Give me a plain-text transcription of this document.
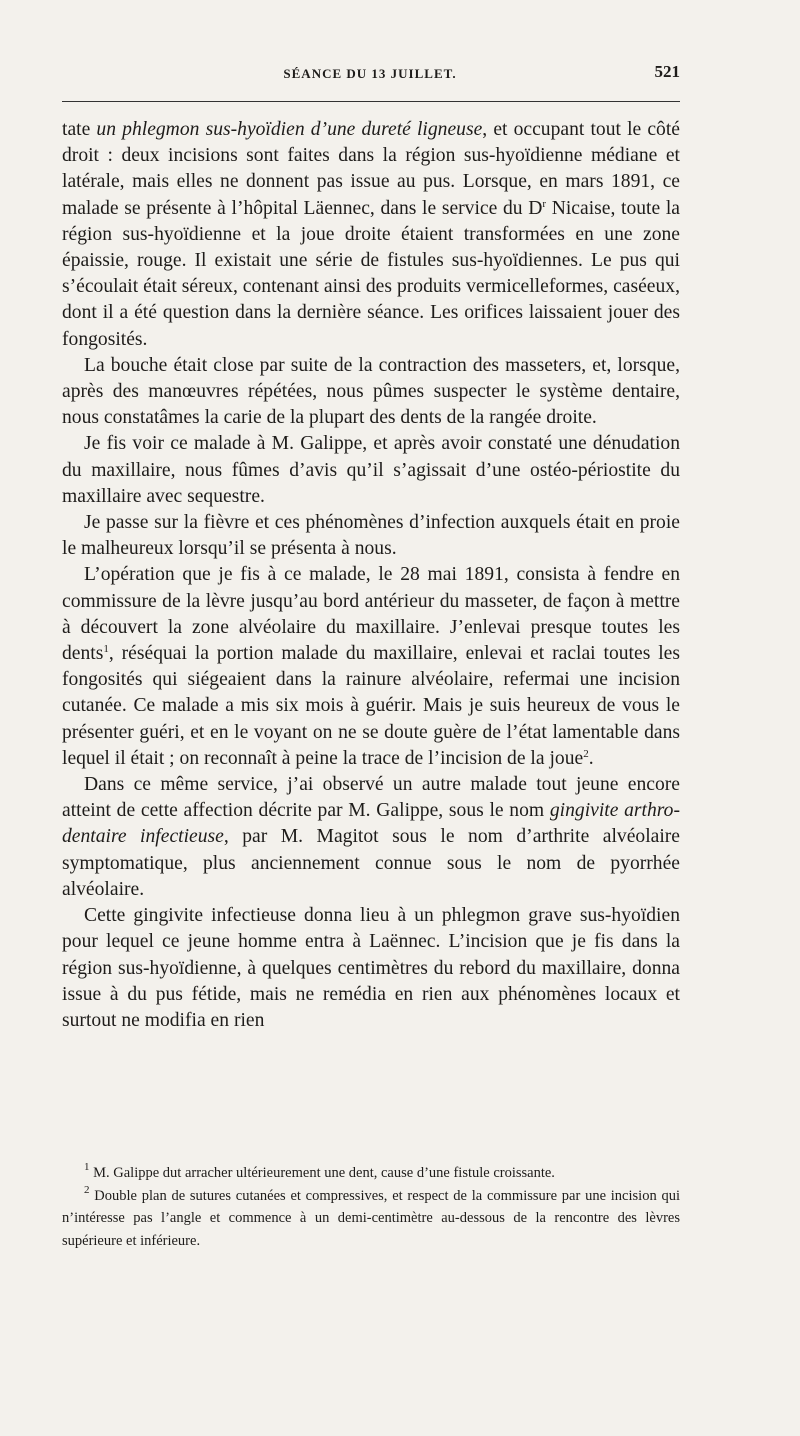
SÉANCE DU 13 JUILLET.	521

tate un phlegmon sus-hyoïdien d’une dureté ligneuse, et occupant tout le côté droit : deux incisions sont faites dans la région sus-hyoïdienne médiane et latérale, mais elles ne donnent pas issue au pus. Lorsque, en mars 1891, ce malade se présente à l’hôpital Läennec, dans le service du $D^r$ Nicaise, toute la région sus-hyoïdienne et la joue droite étaient transformées en une zone épaissie, rouge. Il existait une série de fistules sus-hyoïdiennes. Le pus qui s’écoulait était séreux, contenant ainsi des produits vermicelleformes, caséeux, dont il a été question dans la dernière séance. Les orifices laissaient jouer des fongosités.

La bouche était close par suite de la contraction des masseters, et, lorsque, après des manœuvres répétées, nous pûmes suspecter le système dentaire, nous constatâmes la carie de la plupart des dents de la rangée droite.

Je fis voir ce malade à M. Galippe, et après avoir constaté une dénudation du maxillaire, nous fûmes d’avis qu’il s’agissait d’une ostéo-périostite du maxillaire avec sequestre.

Je passe sur la fièvre et ces phénomènes d’infection auxquels était en proie le malheureux lorsqu’il se présenta à nous.

L’opération que je fis à ce malade, le 28 mai 1891, consista à fendre en commissure de la lèvre jusqu’au bord antérieur du masseter, de façon à mettre à découvert la zone alvéolaire du maxillaire. J’enlevai presque toutes les dents$^1$, réséquai la portion malade du maxillaire, enlevai et raclai toutes les fongosités qui siégeaient dans la rainure alvéolaire, refermai une incision cutanée. Ce malade a mis six mois à guérir. Mais je suis heureux de vous le présenter guéri, et en le voyant on ne se doute guère de l’état lamentable dans lequel il était ; on reconnaît à peine la trace de l’incision de la joue$^2$.

Dans ce même service, j’ai observé un autre malade tout jeune encore atteint de cette affection décrite par M. Galippe, sous le nom gingivite arthro-dentaire infectieuse, par M. Magitot sous le nom d’arthrite alvéolaire symptomatique, plus anciennement connue sous le nom de pyorrhée alvéolaire.

Cette gingivite infectieuse donna lieu à un phlegmon grave sus-hyoïdien pour lequel ce jeune homme entra à Laënnec. L’incision que je fis dans la région sus-hyoïdienne, à quelques centimètres du rebord du maxillaire, donna issue à du pus fétide, mais ne remédia en rien aux phénomènes locaux et surtout ne modifia en rien

$^1$ M. Galippe dut arracher ultérieurement une dent, cause d’une fistule croissante.

$^2$ Double plan de sutures cutanées et compressives, et respect de la commissure par une incision qui n’intéresse pas l’angle et commence à un demi-centimètre au-dessous de la rencontre des lèvres supérieure et inférieure.
